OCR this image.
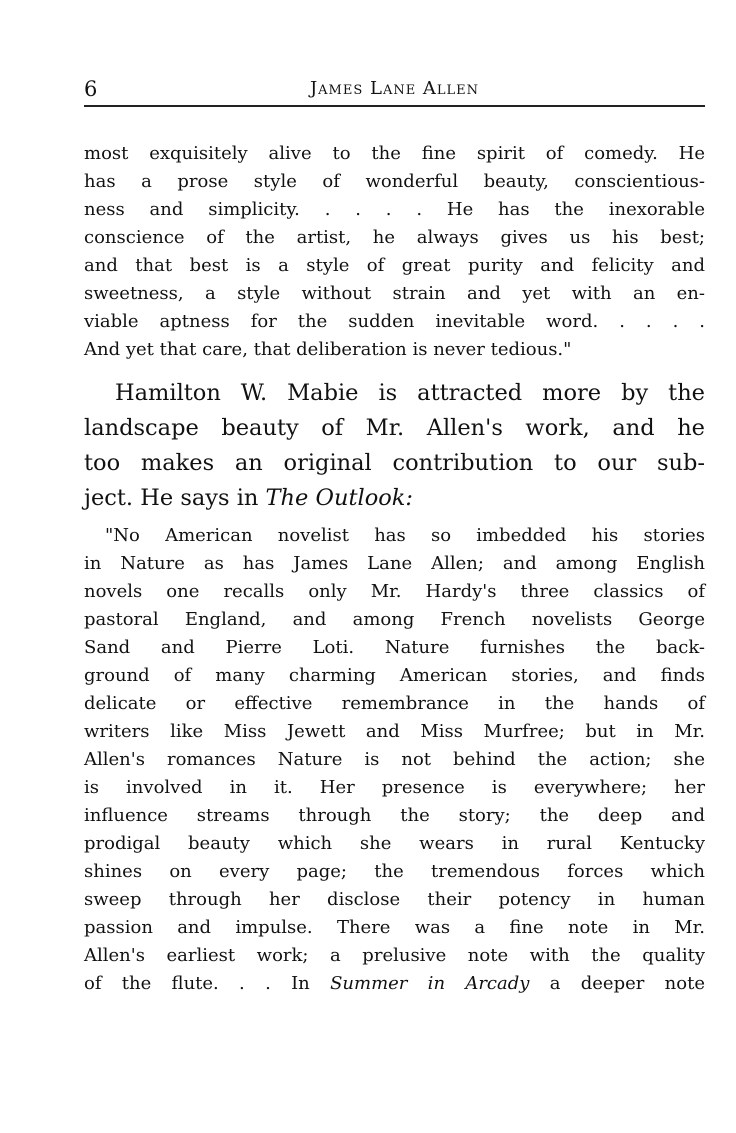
6	James Lane Allen
most exquisitely alive to the fine spirit of comedy. He
has a prose style of wonderful beauty, conscientious-
ness and simplicity. . . . . He has the inexorable
conscience of the artist, he always gives us his best;
and that best is a style of great purity and felicity and
sweetness, a style without strain and yet with an en-
viable aptness for the sudden inevitable word. . . . .
And yet that care, that deliberation is never tedious."
Hamilton W. Mabie is attracted more by the
landscape beauty of Mr. Allen's work, and he
too makes an original contribution to our sub-
ject. He says in The Outlook:
"No American novelist has so imbedded his stories
in Nature as has James Lane Allen; and among English
novels one recalls only Mr. Hardy's three classics of
pastoral England, and among French novelists George
Sand and Pierre Loti. Nature furnishes the back-
ground of many charming American stories, and finds
delicate or effective remembrance in the hands of
writers like Miss Jewett and Miss Murfree; but in Mr.
Allen's romances Nature is not behind the action; she
is involved in it. Her presence is everywhere; her
influence streams through the story; the deep and
prodigal beauty which she wears in rural Kentucky
shines on every page; the tremendous forces which
sweep through her disclose their potency in human
passion and impulse. There was a fine note in Mr.
Allen's earliest work; a prelusive note with the quality
of the flute. . . In Summer in Arcady a deeper note
